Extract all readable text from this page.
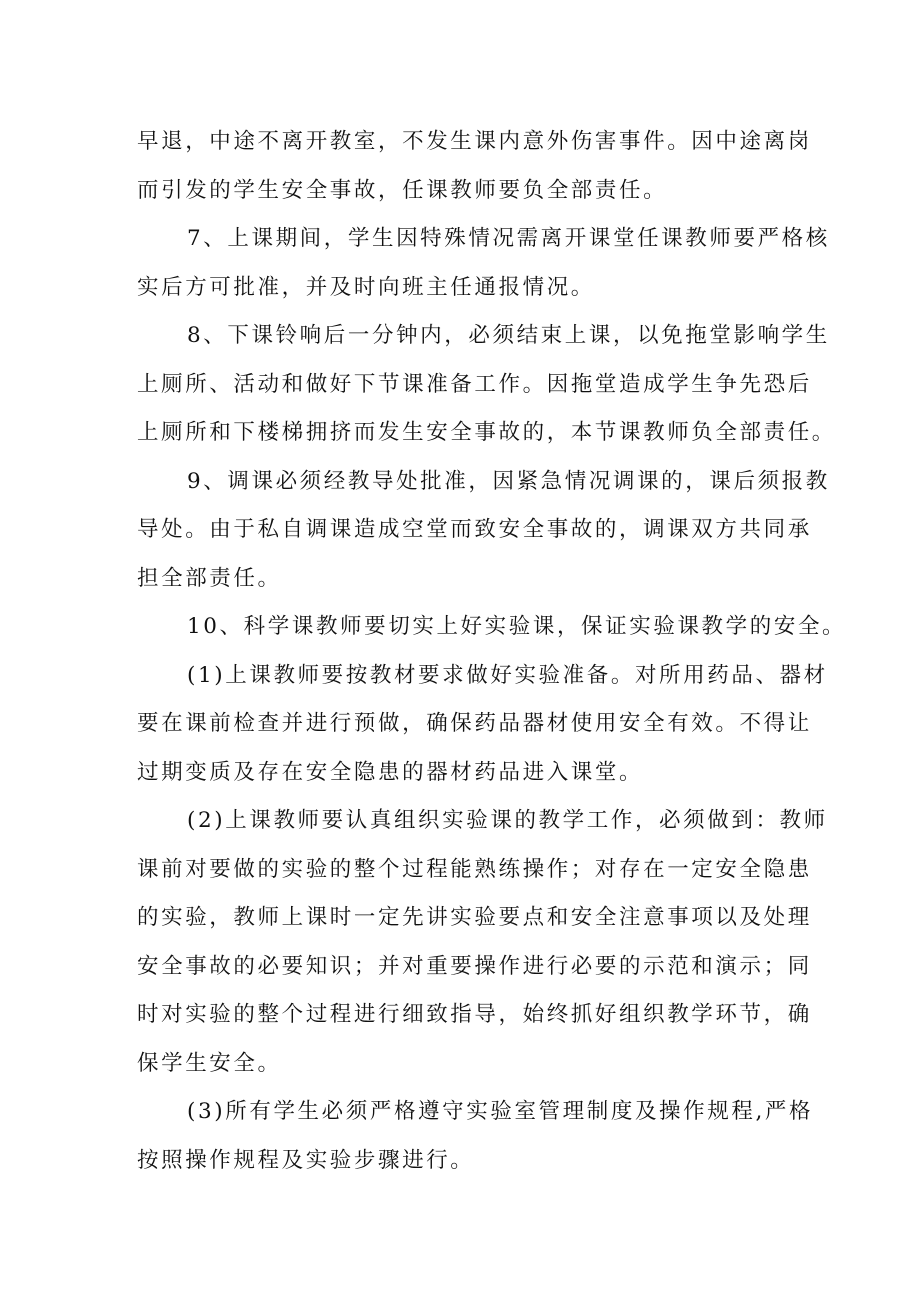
早退，中途不离开教室，不发生课内意外伤害事件。因中途离岗
而引发的学生安全事故，任课教师要负全部责任。
7、上课期间，学生因特殊情况需离开课堂任课教师要严格核
实后方可批准，并及时向班主任通报情况。
8、下课铃响后一分钟内，必须结束上课，以免拖堂影响学生
上厕所、活动和做好下节课准备工作。因拖堂造成学生争先恐后
上厕所和下楼梯拥挤而发生安全事故的，本节课教师负全部责任。
9、调课必须经教导处批准，因紧急情况调课的，课后须报教
导处。由于私自调课造成空堂而致安全事故的，调课双方共同承
担全部责任。
10、科学课教师要切实上好实验课，保证实验课教学的安全。
(1)上课教师要按教材要求做好实验准备。对所用药品、器材
要在课前检查并进行预做，确保药品器材使用安全有效。不得让
过期变质及存在安全隐患的器材药品进入课堂。
(2)上课教师要认真组织实验课的教学工作，必须做到：教师
课前对要做的实验的整个过程能熟练操作；对存在一定安全隐患
的实验，教师上课时一定先讲实验要点和安全注意事项以及处理
安全事故的必要知识；并对重要操作进行必要的示范和演示；同
时对实验的整个过程进行细致指导，始终抓好组织教学环节，确
保学生安全。
(3)所有学生必须严格遵守实验室管理制度及操作规程,严格
按照操作规程及实验步骤进行。
